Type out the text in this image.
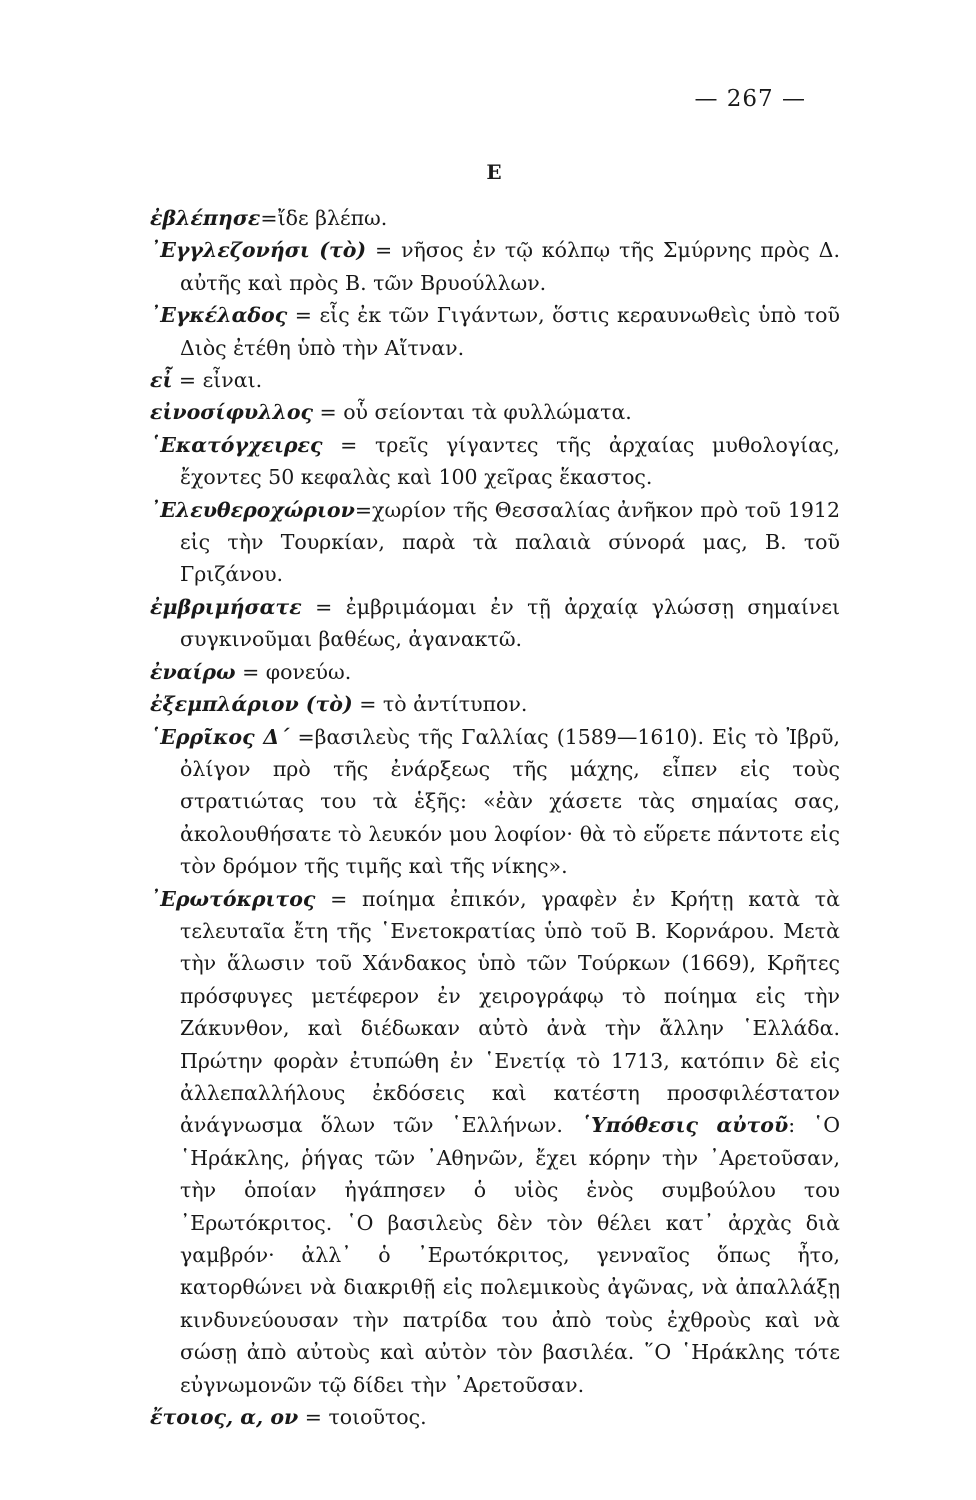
— 267 —
Ε

ἐβλέπησε=ἴδε βλέπω.

᾿Εγγλεζονήσι (τὸ) = νῆσος ἐν τῷ κόλπῳ τῆς Σμύρνης πρὸς Δ. αὐτῆς καὶ πρὸς Β. τῶν Βρυούλλων.

᾿Εγκέλαδος = εἷς ἐκ τῶν Γιγάντων, ὅστις κεραυνωθεὶς ὑπὸ τοῦ Διὸς ἐτέθη ὑπὸ τὴν Αἴτναν.

εἶ = εἶναι.

εἰνοσίφυλλος = οὗ σείονται τὰ φυλλώματα.

῾Εκατόγχειρες = τρεῖς γίγαντες τῆς ἀρχαίας μυθολογίας, ἔχοντες 50 κεφαλὰς καὶ 100 χεῖρας ἕκαστος.

᾿Ελευθεροχώριον=χωρίον τῆς Θεσσαλίας ἀνῆκον πρὸ τοῦ 1912 εἰς τὴν Τουρκίαν, παρὰ τὰ παλαιὰ σύνορά μας, Β. τοῦ Γριζάνου.

ἐμβριμήσατε = ἐμβριμάομαι ἐν τῇ ἀρχαίᾳ γλώσσῃ σημαίνει συγκινοῦμαι βαθέως, ἀγανακτῶ.

ἐναίρω = φονεύω.

ἐξεμπλάριον (τὸ) = τὸ ἀντίτυπον.

῾Ερρῖκος Δ΄ =βασιλεὺς τῆς Γαλλίας (1589—1610). Εἰς τὸ Ἰβρῦ, ὀλίγον πρὸ τῆς ἐνάρξεως τῆς μάχης, εἶπεν εἰς τοὺς στρατιώτας του τὰ ἑξῆς: «ἐὰν χάσετε τὰς σημαίας σας, ἀκολουθήσατε τὸ λευκόν μου λοφίον· θὰ τὸ εὕρετε πάντοτε εἰς τὸν δρόμον τῆς τιμῆς καὶ τῆς νίκης».

᾿Ερωτόκριτος = ποίημα ἐπικόν, γραφὲν ἐν Κρήτῃ κατὰ τὰ τελευταῖα ἔτη τῆς ῾Ενετοκρατίας ὑπὸ τοῦ Β. Κορνάρου. Μετὰ τὴν ἅλωσιν τοῦ Χάνδακος ὑπὸ τῶν Τούρκων (1669), Κρῆτες πρόσφυγες μετέφερον ἐν χειρογράφῳ τὸ ποίημα εἰς τὴν Ζάκυνθον, καὶ διέδωκαν αὐτὸ ἀνὰ τὴν ἄλλην ῾Ελλάδα. Πρώτην φορὰν ἐτυπώθη ἐν ῾Ενετίᾳ τὸ 1713, κατόπιν δὲ εἰς ἀλλεπαλλήλους ἐκδόσεις καὶ κατέστη προσφιλέστατον ἀνάγνωσμα ὅλων τῶν ῾Ελλήνων. ῾Υπόθεσις αὐτοῦ: ῾Ο ῾Ηράκλης, ῥήγας τῶν ᾿Αθηνῶν, ἔχει κόρην τὴν ᾿Αρετοῦσαν, τὴν ὁποίαν ἠγάπησεν ὁ υἱὸς ἑνὸς συμβούλου του ᾿Ερωτόκριτος. ῾Ο βασιλεὺς δὲν τὸν θέλει κατ᾿ ἀρχὰς διὰ γαμβρόν· ἀλλ᾿ ὁ ᾿Ερωτόκριτος, γενναῖος ὅπως ἦτο, κατορθώνει νὰ διακριθῇ εἰς πολεμικοὺς ἀγῶνας, νὰ ἀπαλλάξῃ κινδυνεύουσαν τὴν πατρίδα του ἀπὸ τοὺς ἐχθροὺς καὶ νὰ σώσῃ ἀπὸ αὐτοὺς καὶ αὐτὸν τὸν βασιλέα. ῞Ο ῾Ηράκλης τότε εὐγνωμονῶν τῷ δίδει τὴν ᾿Αρετοῦσαν.

ἔτοιος, α, ον = τοιοῦτος.
